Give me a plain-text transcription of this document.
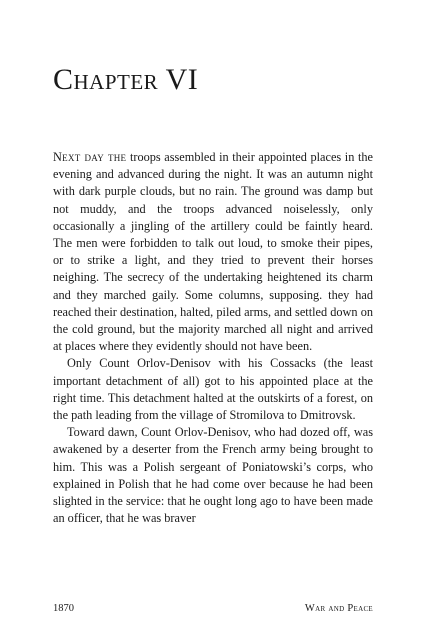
Chapter VI

Next day the troops assembled in their appointed places in the evening and advanced during the night. It was an autumn night with dark purple clouds, but no rain. The ground was damp but not muddy, and the troops advanced noiselessly, only occasionally a jingling of the artillery could be faintly heard. The men were forbidden to talk out loud, to smoke their pipes, or to strike a light, and they tried to prevent their horses neighing. The secrecy of the undertaking heightened its charm and they marched gaily. Some columns, supposing. they had reached their destination, halted, piled arms, and settled down on the cold ground, but the majority marched all night and arrived at places where they evidently should not have been.

Only Count Orlov-Denisov with his Cossacks (the least important detachment of all) got to his appointed place at the right time. This detachment halted at the outskirts of a forest, on the path leading from the village of Stromilova to Dmitrovsk.

Toward dawn, Count Orlov-Denisov, who had dozed off, was awakened by a deserter from the French army being brought to him. This was a Polish sergeant of Poniatowski’s corps, who explained in Polish that he had come over because he had been slighted in the service: that he ought long ago to have been made an officer, that he was braver

1870	War and Peace
